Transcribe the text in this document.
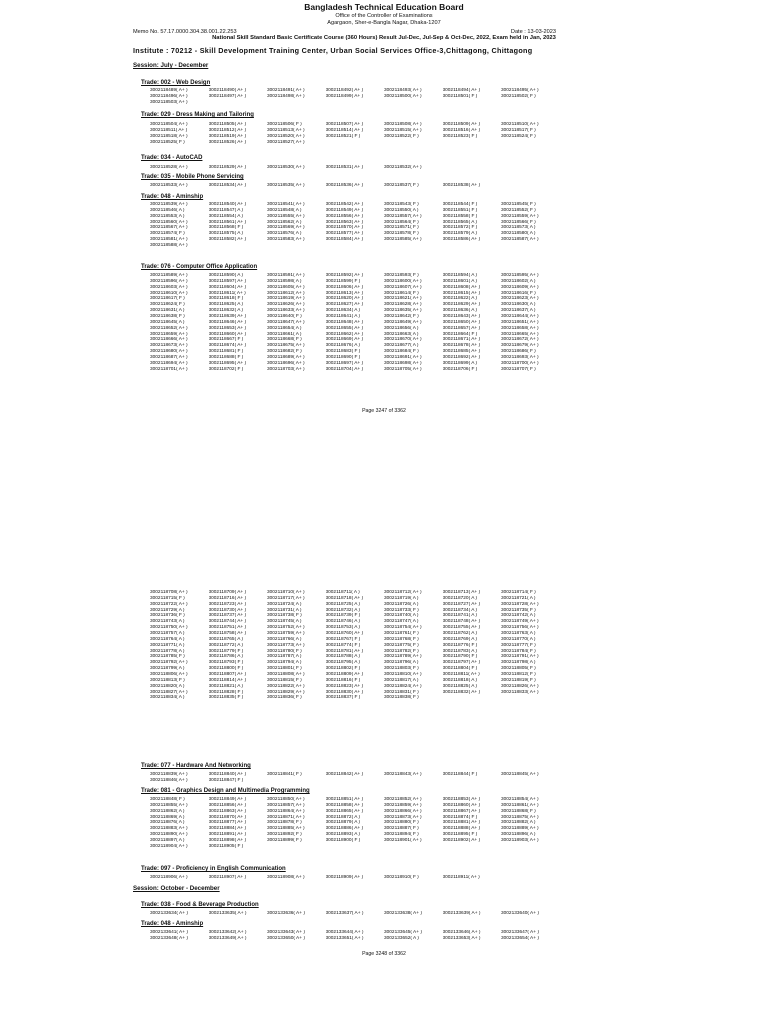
Bangladesh Technical Education Board
Office of the Controller of Examinations
Agargaon, Sher-e-Bangla Nagar, Dhaka-1207
Memo No. 57.17.0000.304.38.001.22.253	Date : 13-03-2023
National Skill Standard Basic Certificate Course (360 Hours) Result Jul-Dec, Jul-Sep & Oct-Dec, 2022, Exam held in Jan, 2023
Institute : 70212 - Skill Development Training Center, Urban Social Services Office-3,Chittagong, Chittagong
Session: July - December
Trade: 002 - Web Design
3002118489( A+ )	3002118490( A+ )	3002118491( A+ )	3002118492( A+ )	3002118493( A+ )	3002118494( A+ )	3002118495( A+ )
3002118496( A+ )	3002118497( A+ )	3002118498( A+ )	3002118499( A+ )	3002118500( A+ )	3002118501( F )	3002118502( F )
3002118503( A+ )
Trade: 029 - Dress Making and Tailoring
3002118504( A+ )	3002118505( A+ )	3002118506( F )	3002118507( A+ )	3002118508( A+ )	3002118509( A+ )	3002118510( A+ )
3002118511( A+ )	3002118512( A+ )	3002118513( A+ )	3002118514( A+ )	3002118515( A+ )	3002118516( A+ )	3002118517( F )
3002118518( A+ )	3002118519( A+ )	3002118520( A+ )	3002118521( F )	3002118522( F )	3002118523( F )	3002118524( F )
3002118525( F )	3002118526( A+ )	3002118527( A+ )
Trade: 034 - AutoCAD
3002118528( A+ )	3002118529( A+ )	3002118530( A+ )	3002118531( A+ )	3002118532( A+ )
Trade: 035 - Mobile Phone Servicing
3002118533( A+ )	3002118534( A+ )	3002118535( A+ )	3002118536( A+ )	3002118537( F )	3002118538( A+ )
Trade: 048 - Aminship
3002118539( A+ )	3002118540( A+ )	3002118541( A+ )	3002118542( A+ )	3002118543( F )	3002118544( F )	3002118545( F )
3002118546( A )	3002118547( A )	3002118548( A )	3002118549( A+ )	3002118550( A )	3002118551( F )	3002118552( F )
3002118553( A )	3002118554( A )	3002118555( A+ )	3002118556( A+ )	3002118557( A+ )	3002118558( F )	3002118559( A+ )
3002118560( A+ )	3002118561( A+ )	3002118562( A )	3002118563( A+ )	3002118564( F )	3002118565( A )	3002118566( F )
3002118567( A+ )	3002118568( F )	3002118569( A+ )	3002118570( A+ )	3002118571( F )	3002118572( F )	3002118573( A )
3002118574( F )	3002118575( A )	3002118576( A )	3002118577( A+ )	3002118578( F )	3002118579( A )	3002118580( A )
3002118581( A+ )	3002118582( A+ )	3002118583( A+ )	3002118584( A+ )	3002118585( A+ )	3002118586( A+ )	3002118587( A+ )
3002118588( A+ )
Trade: 076 - Computer Office Application
3002118589( A+ )	3002118590( A )	3002118591( A+ )	3002118592( A+ )	3002118593( F )	3002118594( A )	3002118595( A+ )
3002118596( A+ )	3002118597( A+ )	3002118598( A )	3002118599( F )	3002118600( A+ )	3002118601( A )	3002118602( A )
3002118603( A+ )	3002118604( A+ )	3002118605( A+ )	3002118606( A+ )	3002118607( A+ )	3002118608( A+ )	3002118609( A+ )
3002118610( A+ )	3002118611( A+ )	3002118612( A+ )	3002118613( A+ )	3002118614( F )	3002118615( A+ )	3002118616( F )
3002118617( F )	3002118618( F )	3002118619( A+ )	3002118620( A+ )	3002118621( A+ )	3002118622( A )	3002118623( A+ )
3002118624( F )	3002118625( A )	3002118626( A+ )	3002118627( A+ )	3002118628( A+ )	3002118629( A+ )	3002118630( A )
3002118631( A )	3002118632( A )	3002118633( A+ )	3002118634( A )	3002118635( A+ )	3002118636( A )	3002118637( A )
3002118638( F )	3002118639( A+ )	3002118640( F )	3002118641( A )	3002118642( F )	3002118643( A+ )	3002118644( A+ )
3002118645( A )	3002118646( A+ )	3002118647( A+ )	3002118648( A+ )	3002118649( A+ )	3002118650( A+ )	3002118651( A+ )
3002118652( A+ )	3002118653( A+ )	3002118654( A )	3002118655( A+ )	3002118656( A )	3002118657( A+ )	3002118658( A+ )
3002118659( A+ )	3002118660( A+ )	3002118661( A )	3002118662( A+ )	3002118663( A )	3002118664( F )	3002118665( A+ )
3002118666( A+ )	3002118667( F )	3002118668( F )	3002118669( A+ )	3002118670( A+ )	3002118671( A+ )	3002118672( A+ )
3002118673( A+ )	3002118674( A+ )	3002118675( A+ )	3002118676( A )	3002118677( A )	3002118678( A+ )	3002118679( A+ )
3002118680( A+ )	3002118681( F )	3002118682( F )	3002118683( F )	3002118684( F )	3002118685( A+ )	3002118686( F )
3002118687( A+ )	3002118688( F )	3002118689( A+ )	3002118690( F )	3002118691( A+ )	3002118692( A+ )	3002118693( A+ )
3002118694( A+ )	3002118695( A+ )	3002118696( A+ )	3002118697( A+ )	3002118698( A+ )	3002118699( A )	3002118700( A+ )
3002118701( A+ )	3002118702( F )	3002118703( A+ )	3002118704( A+ )	3002118705( A+ )	3002118706( F )	3002118707( F )
Page 3247 of 3362
3002118708( A+ )	3002118709( A+ )	3002118710( A+ )	3002118711( A )	3002118712( A+ )	3002118713( A+ )	3002118714( F )
3002118715( F )	3002118716( A+ )	3002118717( A+ )	3002118718( A+ )	3002118719( A )	3002118720( A )	3002118721( A )
3002118722( A+ )	3002118723( A+ )	3002118724( A )	3002118725( A )	3002118726( A )	3002118727( A+ )	3002118728( A+ )
3002118729( A )	3002118730( A+ )	3002118731( A )	3002118732( A )	3002118733( F )	3002118734( A )	3002118735( F )
3002118736( F )	3002118737( A+ )	3002118738( F )	3002118739( F )	3002118740( A )	3002118741( A )	3002118742( A )
3002118743( A )	3002118744( A+ )	3002118745( A )	3002118746( A )	3002118747( A )	3002118748( A+ )	3002118749( A+ )
3002118750( A+ )	3002118751( A+ )	3002118752( A+ )	3002118753( A )	3002118754( A+ )	3002118755( A+ )	3002118756( A+ )
3002118757( A )	3002118758( A+ )	3002118759( A+ )	3002118760( A+ )	3002118761( F )	3002118762( A )	3002118763( A )
3002118764( A )	3002118765( A )	3002118766( A )	3002118767( F )	3002118768( F )	3002118769( A )	3002118770( A )
3002118771( A )	3002118772( A )	3002118773( A+ )	3002118774( F )	3002118775( F )	3002118776( F )	3002118777( F )
3002118778( A )	3002118779( F )	3002118780( F )	3002118781( A+ )	3002118782( F )	3002118783( A )	3002118784( F )
3002118785( F )	3002118786( A )	3002118787( A )	3002118788( A )	3002118789( A+ )	3002118790( F )	3002118791( A+ )
3002118792( A+ )	3002118793( F )	3002118794( A )	3002118795( A )	3002118796( A )	3002118797( A+ )	3002118798( A )
3002118799( A )	3002118800( F )	3002118801( F )	3002118802( F )	3002118803( F )	3002118804( F )	3002118805( F )
3002118806( A+ )	3002118807( A+ )	3002118808( A+ )	3002118809( A+ )	3002118810( A+ )	3002118811( A+ )	3002118812( F )
3002118813( F )	3002118814( A+ )	3002118815( F )	3002118816( F )	3002118817( A )	3002118818( A )	3002118819( F )
3002118820( A )	3002118821( A )	3002118822( A+ )	3002118823( A+ )	3002118824( A+ )	3002118825( A )	3002118826( A+ )
3002118827( A+ )	3002118828( F )	3002118829( A+ )	3002118830( A+ )	3002118831( F )	3002118832( A+ )	3002118833( A+ )
3002118834( A )	3002118835( F )	3002118836( F )	3002118837( F )	3002118838( F )
Trade: 077 - Hardware And Networking
3002118839( A+ )	3002118840( A+ )	3002118841( F )	3002118842( A+ )	3002118843( A+ )	3002118844( F )	3002118845( A+ )
3002118846( A+ )	3002118847( F )
Trade: 081 - Graphics Design and Multimedia Programming
3002118848( F )	3002118849( A+ )	3002118850( A+ )	3002118851( A+ )	3002118852( A+ )	3002118853( A+ )	3002118854( A+ )
3002118855( A+ )	3002118856( A+ )	3002118857( A+ )	3002118858( A+ )	3002118859( A+ )	3002118860( A+ )	3002118861( A+ )
3002118862( A )	3002118863( A+ )	3002118864( A+ )	3002118865( A+ )	3002118866( A+ )	3002118867( A+ )	3002118868( F )
3002118869( A )	3002118870( A+ )	3002118871( A+ )	3002118872( A )	3002118873( A+ )	3002118874( F )	3002118875( A+ )
3002118876( A )	3002118877( A+ )	3002118878( F )	3002118879( A )	3002118880( F )	3002118881( A+ )	3002118882( A )
3002118883( A+ )	3002118884( A+ )	3002118885( A+ )	3002118886( A+ )	3002118887( F )	3002118888( A+ )	3002118889( A+ )
3002118890( A+ )	3002118891( A+ )	3002118892( F )	3002118893( A )	3002118894( F )	3002118895( F )	3002118896( A )
3002118897( A )	3002118898( A+ )	3002118899( F )	3002118900( F )	3002118901( A+ )	3002118902( A+ )	3002118903( A+ )
3002118904( A+ )	3002118905( F )
Trade: 097 - Proficiency in English Communication
3002118906( A+ )	3002118907( A+ )	3002118908( A+ )	3002118909( A+ )	3002118910( F )	3002118911( A+ )
Session: October - December
Trade: 038 - Food & Beverage Production
3002133634( A+ )	3002133635( A+ )	3002133636( A+ )	3002133637( A+ )	3002133638( A+ )	3002133639( A+ )	3002133640( A+ )
Trade: 048 - Aminship
3002133641( A+ )	3002133642( A+ )	3002133643( A+ )	3002133644( A+ )	3002133645( A+ )	3002133646( A+ )	3002133647( A+ )
3002133648( A+ )	3002133649( A+ )	3002133650( A+ )	3002133651( A+ )	3002133652( A )	3002133653( A+ )	3002133654( A+ )
Page 3248 of 3362
